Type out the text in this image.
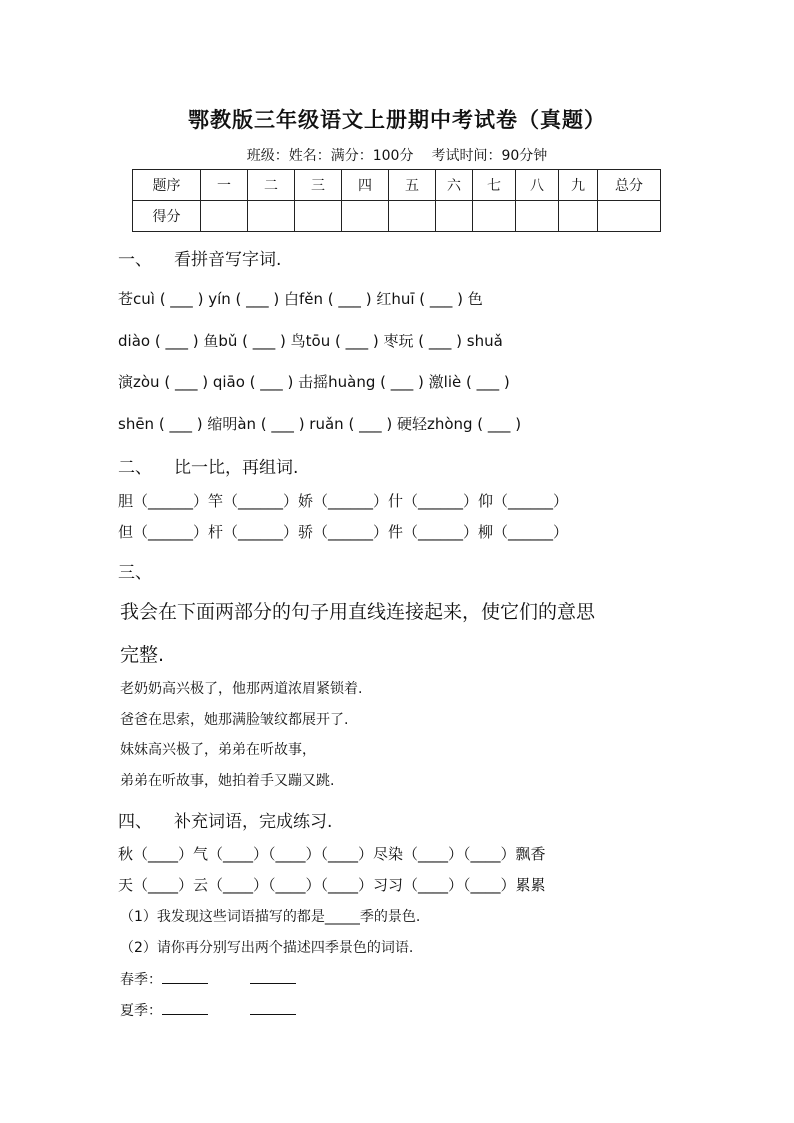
鄂教版三年级语文上册期中考试卷（真题）
班级：姓名：满分：100分 考试时间：90分钟
题序	一	二	三	四	五	六	七	八	九	总分
得分										
一、 看拼音写字词.
苍cuì ( ___ ) yín ( ___ ) 白fěn ( ___ ) 红huī ( ___ ) 色
diào ( ___ ) 鱼bǔ ( ___ ) 鸟tōu ( ___ ) 枣玩 ( ___ ) shuǎ
演zòu ( ___ ) qiāo ( ___ ) 击摇huàng ( ___ ) 激liè ( ___ )
shēn ( ___ ) 缩明àn ( ___ ) ruǎn ( ___ ) 硬轻zhòng ( ___ )
二、 比一比，再组词.
胆（______）竿（______）娇（______）什（______）仰（______）
但（______）杆（______）骄（______）件（______）柳（______）
三、
我会在下面两部分的句子用直线连接起来，使它们的意思
完整.
老奶奶高兴极了，他那两道浓眉紧锁着.
爸爸在思索，她那满脸皱纹都展开了.
妹妹高兴极了，弟弟在听故事，
弟弟在听故事，她拍着手又蹦又跳.
四、 补充词语，完成练习.
秋（____）气（____）（____）（____）尽染（____）（____）飘香
天（____）云（____）（____）（____）习习（____）（____）累累
（1）我发现这些词语描写的都是_____季的景色.
（2）请你再分别写出两个描述四季景色的词语.
春季：
夏季：
